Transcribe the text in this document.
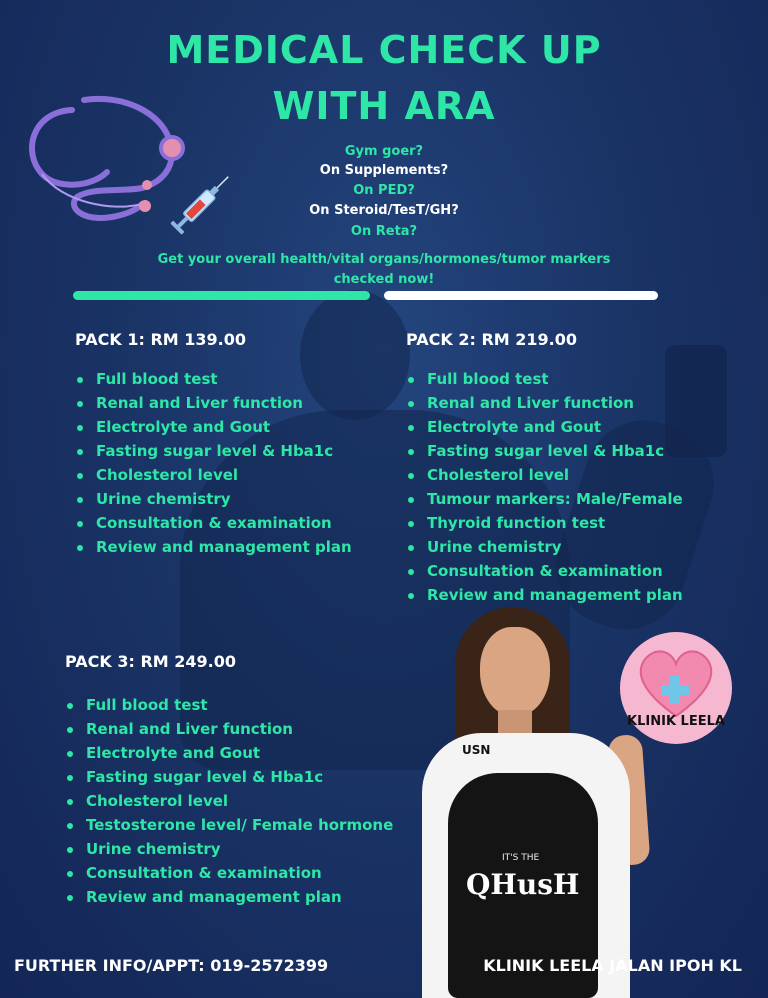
MEDICAL CHECK UP
WITH ARA
Gym goer?
On Supplements?
On PED?
On Steroid/TesT/GH?
On Reta?
Get your overall health/vital organs/hormones/tumor markers
checked now!
PACK 1: RM 139.00
Full blood test
Renal and Liver function
Electrolyte and Gout
Fasting sugar level & Hba1c
Cholesterol level
Urine chemistry
Consultation & examination
Review and management plan
PACK 2: RM 219.00
Full blood test
Renal and Liver function
Electrolyte and Gout
Fasting sugar level & Hba1c
Cholesterol level
Tumour markers: Male/Female
Thyroid function test
Urine chemistry
Consultation & examination
Review and management plan
USN
IT'S THE
QHusH
KLINIK LEELA
PACK 3: RM 249.00
Full blood test
Renal and Liver function
Electrolyte and Gout
Fasting sugar level & Hba1c
Cholesterol level
Testosterone level/ Female hormone
Urine chemistry
Consultation & examination
Review and management plan
FURTHER INFO/APPT: 019-2572399	KLINIK LEELA JALAN IPOH KL
